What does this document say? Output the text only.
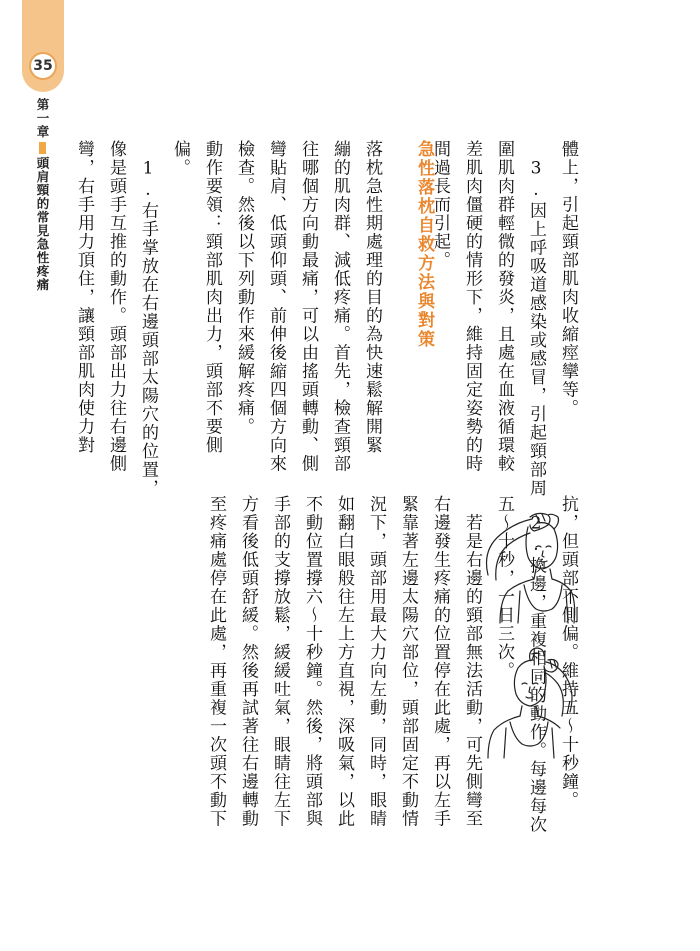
35
第一章頭肩頸的常見急性疼痛	體上，引起頸部肌肉收縮痙攣等。
　3.因上呼吸道感染或感冒，引起頸部周
圍肌肉群輕微的發炎，且處在血液循環較
差肌肉僵硬的情形下，維持固定姿勢的時
間過長而引起。
急性落枕自救方法與對策
落枕急性期處理的目的為快速鬆解開緊
繃的肌肉群、減低疼痛。首先，檢查頸部
往哪個方向動最痛，可以由搖頭轉動、側
彎貼肩、低頭仰頭、前伸後縮四個方向來
檢查。然後以下列動作來緩解疼痛。
動作要領：頸部肌肉出力，頭部不要側
偏。
　1.右手掌放在右邊頭部太陽穴的位置，
像是頭手互推的動作。頭部出力往右邊側
彎，右手用力頂住，讓頸部肌肉使力對
抗，但頭部不側偏。維持五～十秒鐘。
　2.換邊，重複相同的動作。每邊每次
五～十秒，一日三次。
　若是右邊的頸部無法活動，可先側彎至
右邊發生疼痛的位置停在此處，再以左手
緊靠著左邊太陽穴部位，頭部固定不動情
況下，頭部用最大力向左動，同時，眼睛
如翻白眼般往左上方直視，深吸氣，以此
不動位置撐六～十秒鐘。然後，將頭部與
手部的支撐放鬆，緩緩吐氣，眼睛往左下
方看後低頭舒緩。然後再試著往右邊轉動
至疼痛處停在此處，再重複一次頭不動下
